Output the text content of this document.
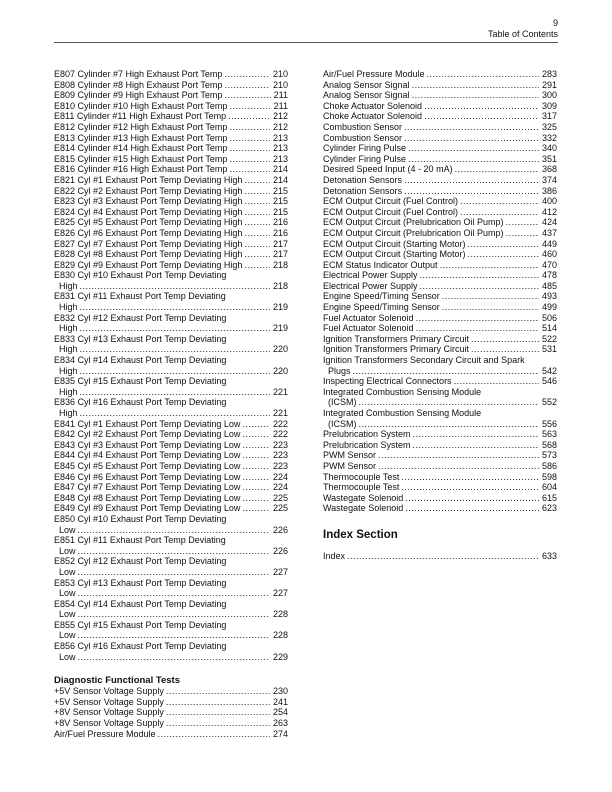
9
Table of Contents
E807 Cylinder #7 High Exhaust Port Temp .....	210
E808 Cylinder #8 High Exhaust Port Temp .....	210
E809 Cylinder #9 High Exhaust Port Temp .....	211
E810 Cylinder #10 High Exhaust Port Temp .....	211
E811 Cylinder #11 High Exhaust Port Temp .....	212
E812 Cylinder #12 High Exhaust Port Temp .....	212
E813 Cylinder #13 High Exhaust Port Temp .....	213
E814 Cylinder #14 High Exhaust Port Temp .....	213
E815 Cylinder #15 High Exhaust Port Temp .....	213
E816 Cylinder #16 High Exhaust Port Temp .....	214
E821 Cyl #1 Exhaust Port Temp Deviating High .....	214
E822 Cyl #2 Exhaust Port Temp Deviating High .....	215
E823 Cyl #3 Exhaust Port Temp Deviating High .....	215
E824 Cyl #4 Exhaust Port Temp Deviating High .....	215
E825 Cyl #5 Exhaust Port Temp Deviating High .....	216
E826 Cyl #6 Exhaust Port Temp Deviating High .....	216
E827 Cyl #7 Exhaust Port Temp Deviating High .....	217
E828 Cyl #8 Exhaust Port Temp Deviating High .....	217
E829 Cyl #9 Exhaust Port Temp Deviating High .....	218
E830 Cyl #10 Exhaust Port Temp Deviating
High .....	218
E831 Cyl #11 Exhaust Port Temp Deviating
High .....	219
E832 Cyl #12 Exhaust Port Temp Deviating
High .....	219
E833 Cyl #13 Exhaust Port Temp Deviating
High .....	220
E834 Cyl #14 Exhaust Port Temp Deviating
High .....	220
E835 Cyl #15 Exhaust Port Temp Deviating
High .....	221
E836 Cyl #16 Exhaust Port Temp Deviating
High .....	221
E841 Cyl #1 Exhaust Port Temp Deviating Low .....	222
E842 Cyl #2 Exhaust Port Temp Deviating Low .....	222
E843 Cyl #3 Exhaust Port Temp Deviating Low .....	223
E844 Cyl #4 Exhaust Port Temp Deviating Low .....	223
E845 Cyl #5 Exhaust Port Temp Deviating Low .....	223
E846 Cyl #6 Exhaust Port Temp Deviating Low .....	224
E847 Cyl #7 Exhaust Port Temp Deviating Low .....	224
E848 Cyl #8 Exhaust Port Temp Deviating Low .....	225
E849 Cyl #9 Exhaust Port Temp Deviating Low .....	225
E850 Cyl #10 Exhaust Port Temp Deviating
Low .....	226
E851 Cyl #11 Exhaust Port Temp Deviating
Low .....	226
E852 Cyl #12 Exhaust Port Temp Deviating
Low .....	227
E853 Cyl #13 Exhaust Port Temp Deviating
Low .....	227
E854 Cyl #14 Exhaust Port Temp Deviating
Low .....	228
E855 Cyl #15 Exhaust Port Temp Deviating
Low .....	228
E856 Cyl #16 Exhaust Port Temp Deviating
Low .....	229
Diagnostic Functional Tests
+5V Sensor Voltage Supply .....	230
+5V Sensor Voltage Supply .....	241
+8V Sensor Voltage Supply .....	254
+8V Sensor Voltage Supply .....	263
Air/Fuel Pressure Module .....	274
Air/Fuel Pressure Module .....	283
Analog Sensor Signal .....	291
Analog Sensor Signal .....	300
Choke Actuator Solenoid .....	309
Choke Actuator Solenoid .....	317
Combustion Sensor .....	325
Combustion Sensor .....	332
Cylinder Firing Pulse .....	340
Cylinder Firing Pulse .....	351
Desired Speed Input (4 - 20 mA) .....	368
Detonation Sensors .....	374
Detonation Sensors .....	386
ECM Output Circuit (Fuel Control) .....	400
ECM Output Circuit (Fuel Control) .....	412
ECM Output Circuit (Prelubrication Oil Pump) .....	424
ECM Output Circuit (Prelubrication Oil Pump) .....	437
ECM Output Circuit (Starting Motor) .....	449
ECM Output Circuit (Starting Motor) .....	460
ECM Status Indicator Output .....	470
Electrical Power Supply .....	478
Electrical Power Supply .....	485
Engine Speed/Timing Sensor .....	493
Engine Speed/Timing Sensor .....	499
Fuel Actuator Solenoid .....	506
Fuel Actuator Solenoid .....	514
Ignition Transformers Primary Circuit .....	522
Ignition Transformers Primary Circuit .....	531
Ignition Transformers Secondary Circuit and Spark
Plugs .....	542
Inspecting Electrical Connectors .....	546
Integrated Combustion Sensing Module
(ICSM) .....	552
Integrated Combustion Sensing Module
(ICSM) .....	556
Prelubrication System .....	563
Prelubrication System .....	568
PWM Sensor .....	573
PWM Sensor .....	586
Thermocouple Test .....	598
Thermocouple Test .....	604
Wastegate Solenoid .....	615
Wastegate Solenoid .....	623
Index Section
Index .....	633
